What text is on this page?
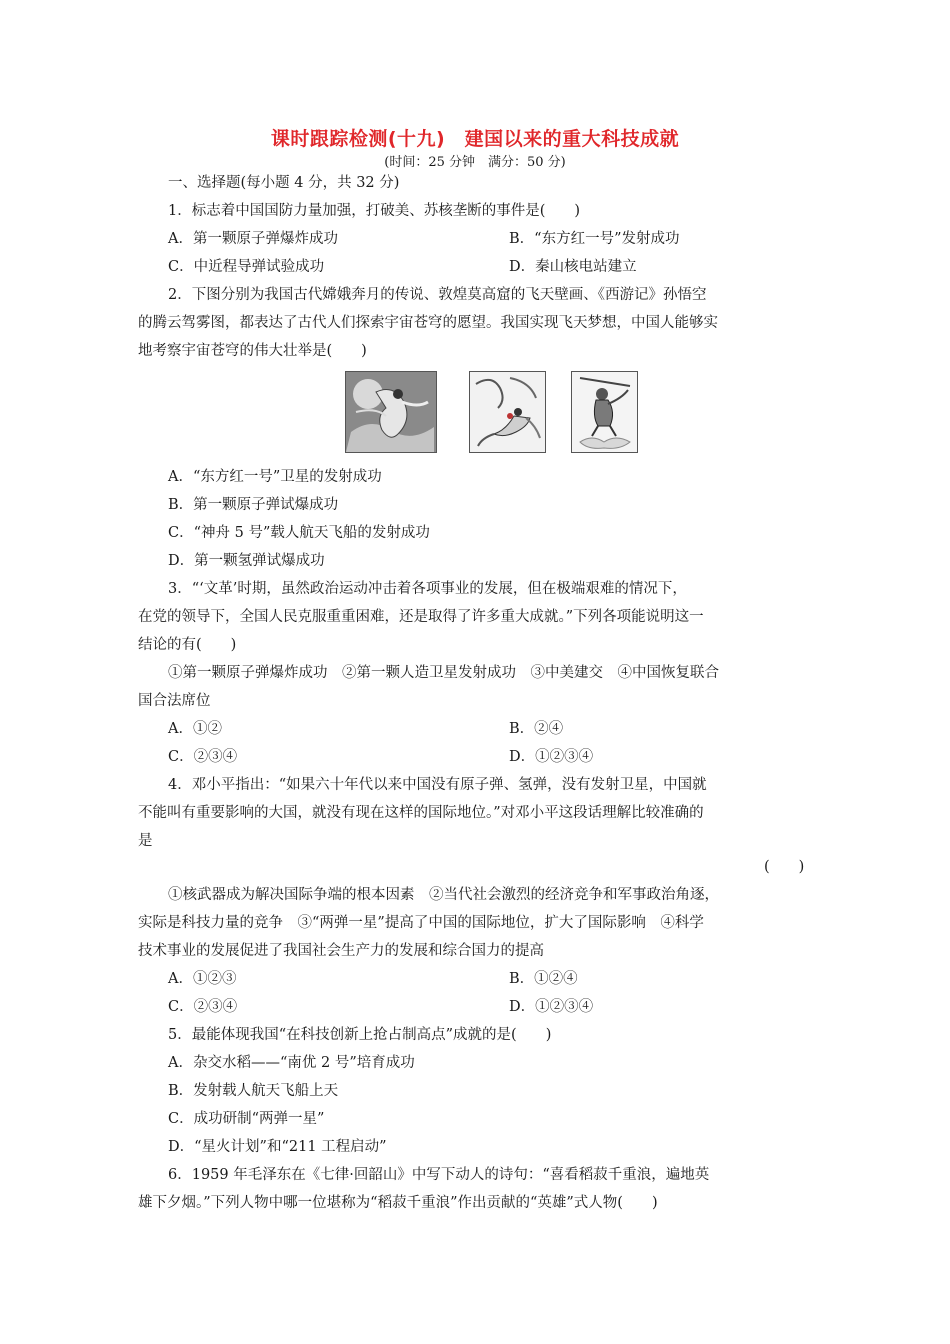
课时跟踪检测(十九)　建国以来的重大科技成就
(时间：25 分钟　满分：50 分)
一、选择题(每小题 4 分，共 32 分)
1．标志着中国国防力量加强，打破美、苏核垄断的事件是(　　)
A．第一颗原子弹爆炸成功	B．“东方红一号”发射成功
C．中近程导弹试验成功	D．秦山核电站建立
2．下图分别为我国古代嫦娥奔月的传说、敦煌莫高窟的飞天壁画、《西游记》孙悟空
的腾云驾雾图，都表达了古代人们探索宇宙苍穹的愿望。我国实现飞天梦想，中国人能够实
地考察宇宙苍穹的伟大壮举是(　　)
A．“东方红一号”卫星的发射成功
B．第一颗原子弹试爆成功
C．“神舟 5 号”载人航天飞船的发射成功
D．第一颗氢弹试爆成功
3．“‘文革’时期，虽然政治运动冲击着各项事业的发展，但在极端艰难的情况下，
在党的领导下，全国人民克服重重困难，还是取得了许多重大成就。”下列各项能说明这一
结论的有(　　)
①第一颗原子弹爆炸成功　②第一颗人造卫星发射成功　③中美建交　④中国恢复联合
国合法席位
A．①②	B．②④
C．②③④	D．①②③④
4．邓小平指出：“如果六十年代以来中国没有原子弹、氢弹，没有发射卫星，中国就
不能叫有重要影响的大国，就没有现在这样的国际地位。”对邓小平这段话理解比较准确的
是
(　　)
①核武器成为解决国际争端的根本因素　②当代社会激烈的经济竞争和军事政治角逐，
实际是科技力量的竞争　③“两弹一星”提高了中国的国际地位，扩大了国际影响　④科学
技术事业的发展促进了我国社会生产力的发展和综合国力的提高
A．①②③	B．①②④
C．②③④	D．①②③④
5．最能体现我国“在科技创新上抢占制高点”成就的是(　　)
A．杂交水稻——“南优 2 号”培育成功
B．发射载人航天飞船上天
C．成功研制“两弹一星”
D．“星火计划”和“211 工程启动”
6．1959 年毛泽东在《七律·回韶山》中写下动人的诗句：“喜看稻菽千重浪，遍地英
雄下夕烟。”下列人物中哪一位堪称为“稻菽千重浪”作出贡献的“英雄”式人物(　　)
